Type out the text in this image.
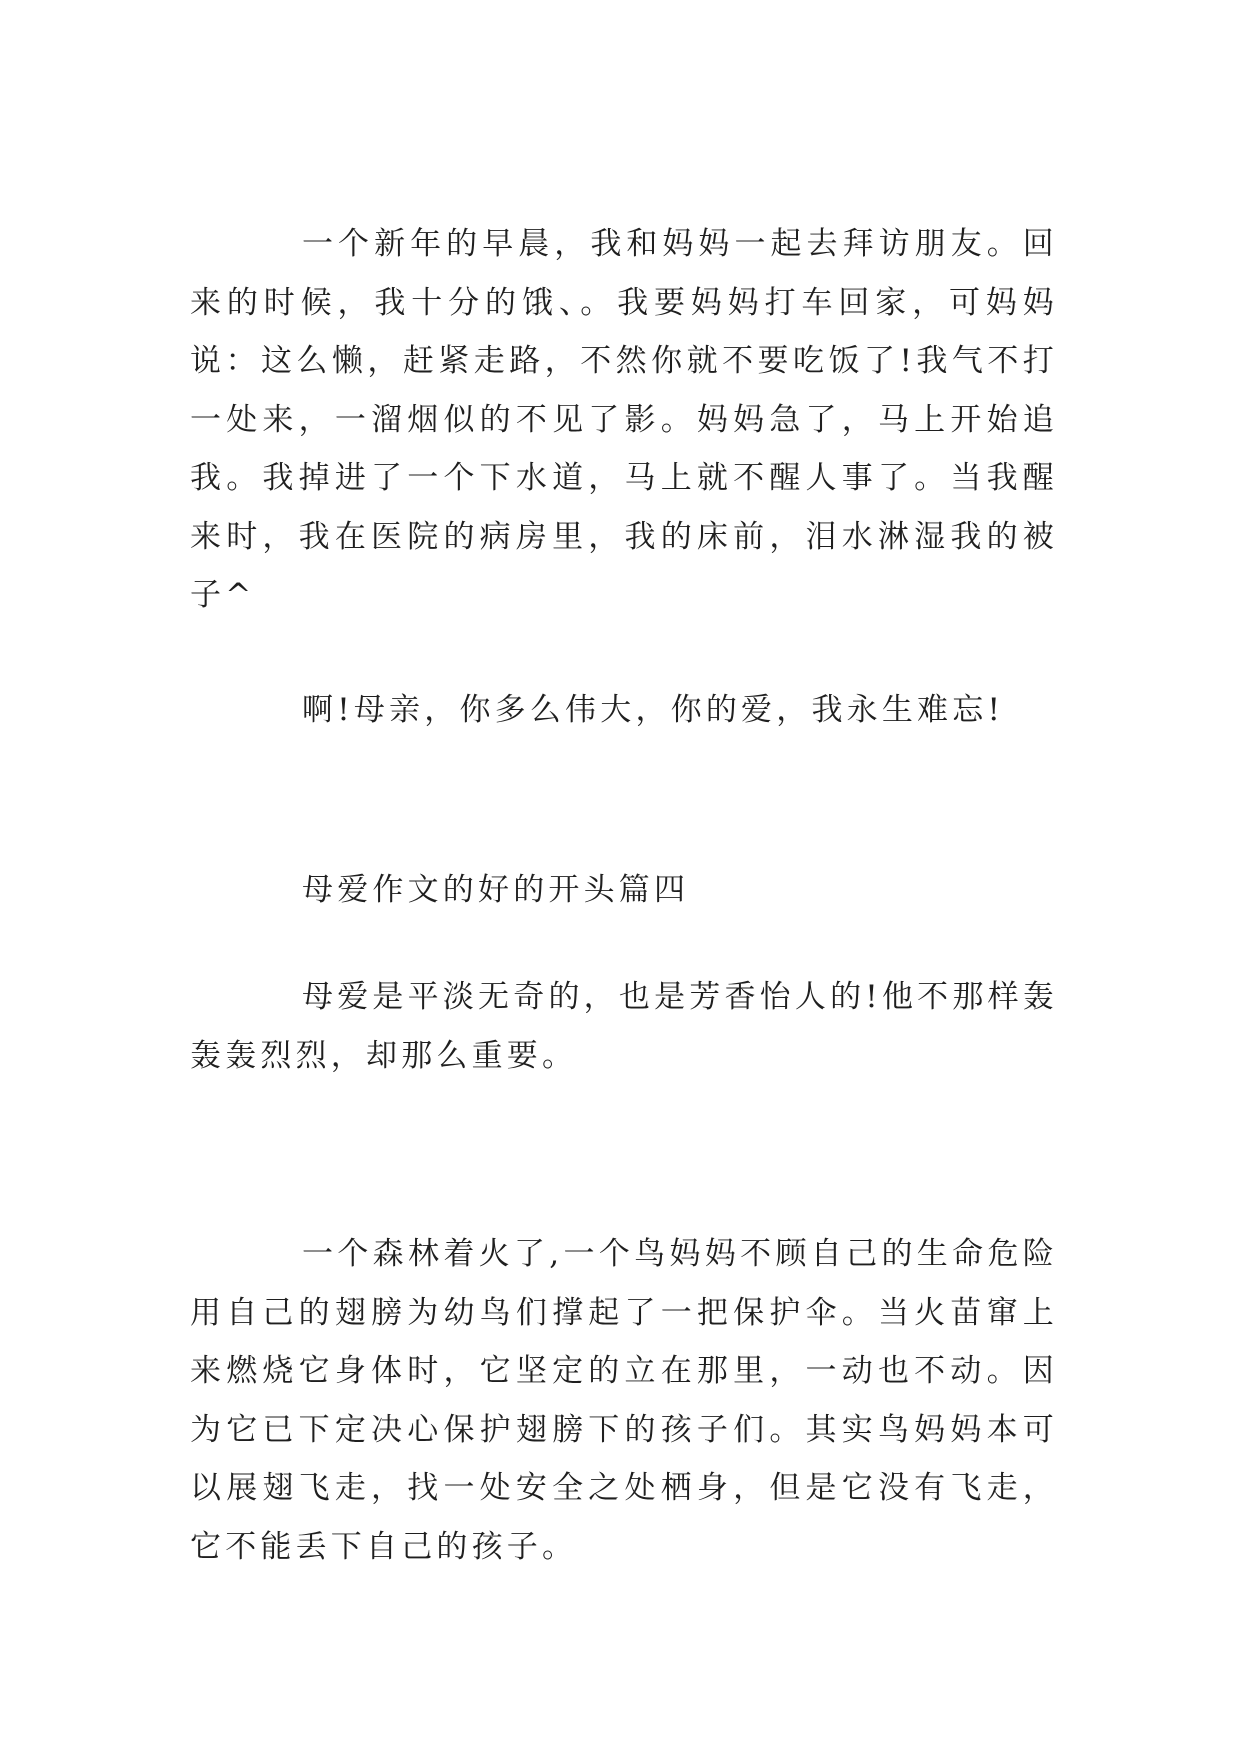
一个新年的早晨，我和妈妈一起去拜访朋友。回来的时候，我十分的饿、。我要妈妈打车回家，可妈妈说：这么懒，赶紧走路，不然你就不要吃饭了!我气不打一处来，一溜烟似的不见了影。妈妈急了，马上开始追我。我掉进了一个下水道，马上就不醒人事了。当我醒来时，我在医院的病房里，我的床前，泪水淋湿我的被子^

啊!母亲，你多么伟大，你的爱，我永生难忘!

母爱作文的好的开头篇四

母爱是平淡无奇的，也是芳香怡人的!他不那样轰轰轰烈烈，却那么重要。

一个森林着火了,一个鸟妈妈不顾自己的生命危险用自己的翅膀为幼鸟们撑起了一把保护伞。当火苗窜上来燃烧它身体时，它坚定的立在那里，一动也不动。因为它已下定决心保护翅膀下的孩子们。其实鸟妈妈本可以展翅飞走，找一处安全之处栖身，但是它没有飞走，它不能丢下自己的孩子。
